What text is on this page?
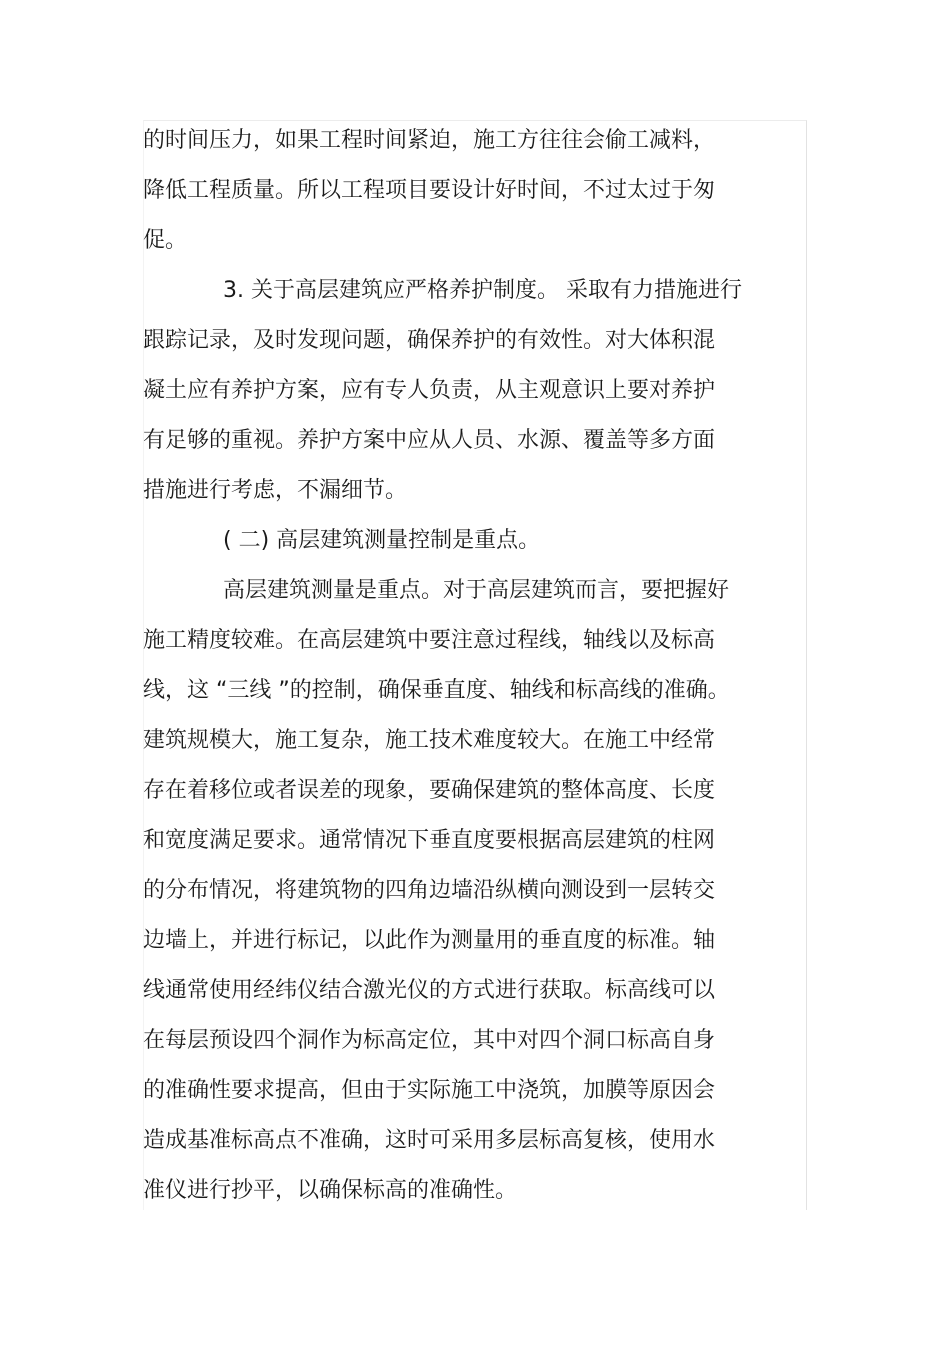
的时间压力，如果工程时间紧迫，施工方往往会偷工减料，
降低工程质量。所以工程项目要设计好时间，不过太过于匆
促。
3. 关于高层建筑应严格养护制度。 采取有力措施进行
跟踪记录，及时发现问题，确保养护的有效性。对大体积混
凝土应有养护方案，应有专人负责，从主观意识上要对养护
有足够的重视。养护方案中应从人员、水源、覆盖等多方面
措施进行考虑，不漏细节。
( 二) 高层建筑测量控制是重点。
高层建筑测量是重点。对于高层建筑而言，要把握好
施工精度较难。在高层建筑中要注意过程线，轴线以及标高
线，这 “三线 ”的控制，确保垂直度、轴线和标高线的准确。
建筑规模大，施工复杂，施工技术难度较大。在施工中经常
存在着移位或者误差的现象，要确保建筑的整体高度、长度
和宽度满足要求。通常情况下垂直度要根据高层建筑的柱网
的分布情况，将建筑物的四角边墙沿纵横向测设到一层转交
边墙上，并进行标记，以此作为测量用的垂直度的标准。轴
线通常使用经纬仪结合激光仪的方式进行获取。标高线可以
在每层预设四个洞作为标高定位，其中对四个洞口标高自身
的准确性要求提高，但由于实际施工中浇筑，加膜等原因会
造成基准标高点不准确，这时可采用多层标高复核，使用水
准仪进行抄平，以确保标高的准确性。
